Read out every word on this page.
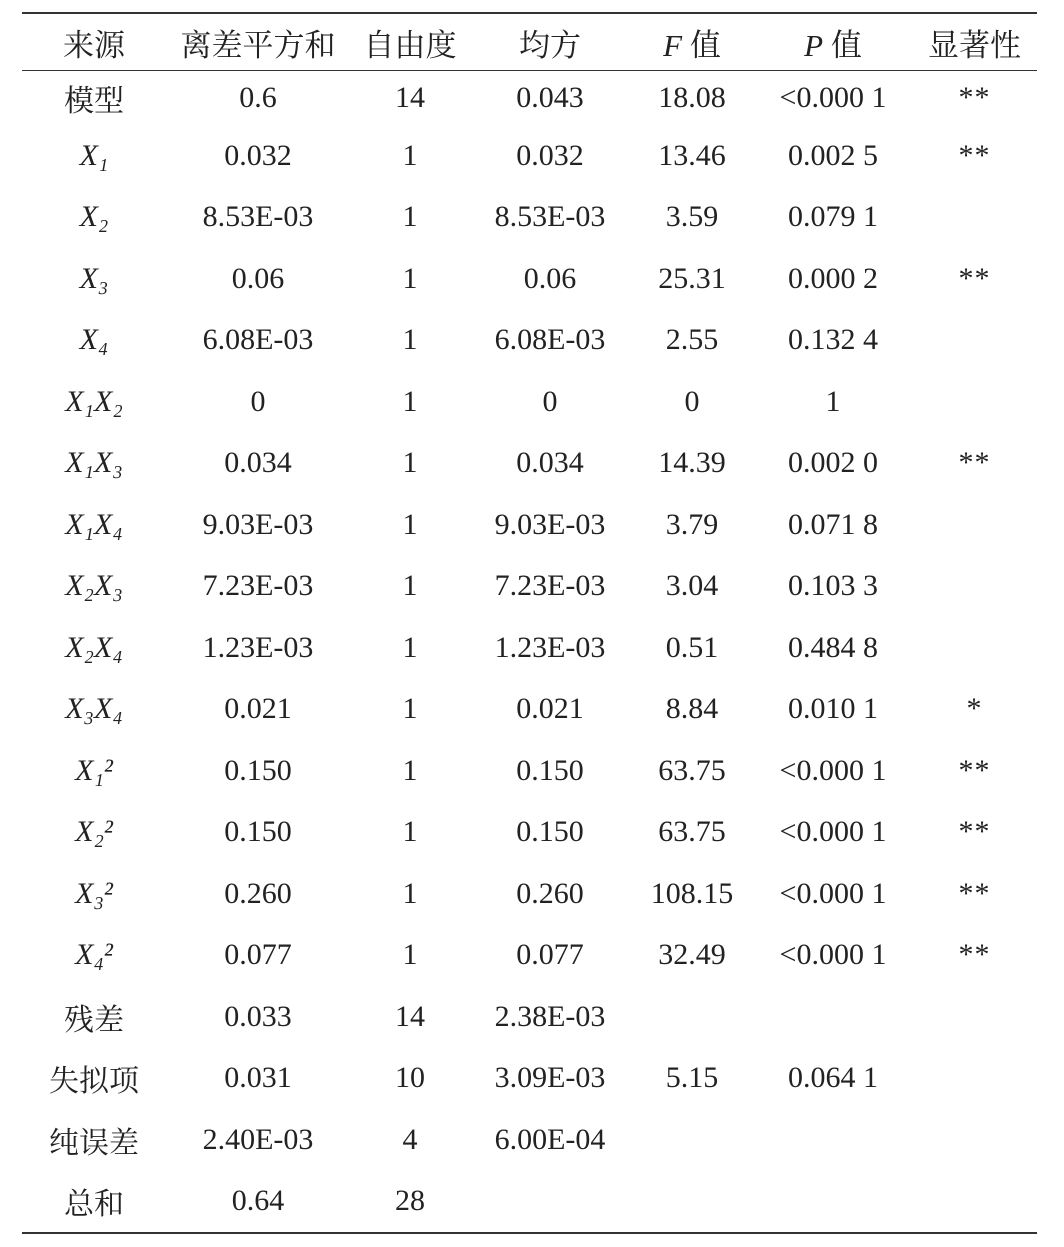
来源	离差平方和	自由度	均方	F 值	P 值	显著性
模型	0.6	14	0.043	18.08	<0.000 1	**
X₁	0.032	1	0.032	13.46	0.002 5	**
X₂	8.53E-03	1	8.53E-03	3.59	0.079 1	
X₃	0.06	1	0.06	25.31	0.000 2	**
X₄	6.08E-03	1	6.08E-03	2.55	0.132 4	
X₁X₂	0	1	0	0	1	
X₁X₃	0.034	1	0.034	14.39	0.002 0	**
X₁X₄	9.03E-03	1	9.03E-03	3.79	0.071 8	
X₂X₃	7.23E-03	1	7.23E-03	3.04	0.103 3	
X₂X₄	1.23E-03	1	1.23E-03	0.51	0.484 8	
X₃X₄	0.021	1	0.021	8.84	0.010 1	*
X₁²	0.150	1	0.150	63.75	<0.000 1	**
X₂²	0.150	1	0.150	63.75	<0.000 1	**
X₃²	0.260	1	0.260	108.15	<0.000 1	**
X₄²	0.077	1	0.077	32.49	<0.000 1	**
残差	0.033	14	2.38E-03			
失拟项	0.031	10	3.09E-03	5.15	0.064 1	
纯误差	2.40E-03	4	6.00E-04			
总和	0.64	28				
